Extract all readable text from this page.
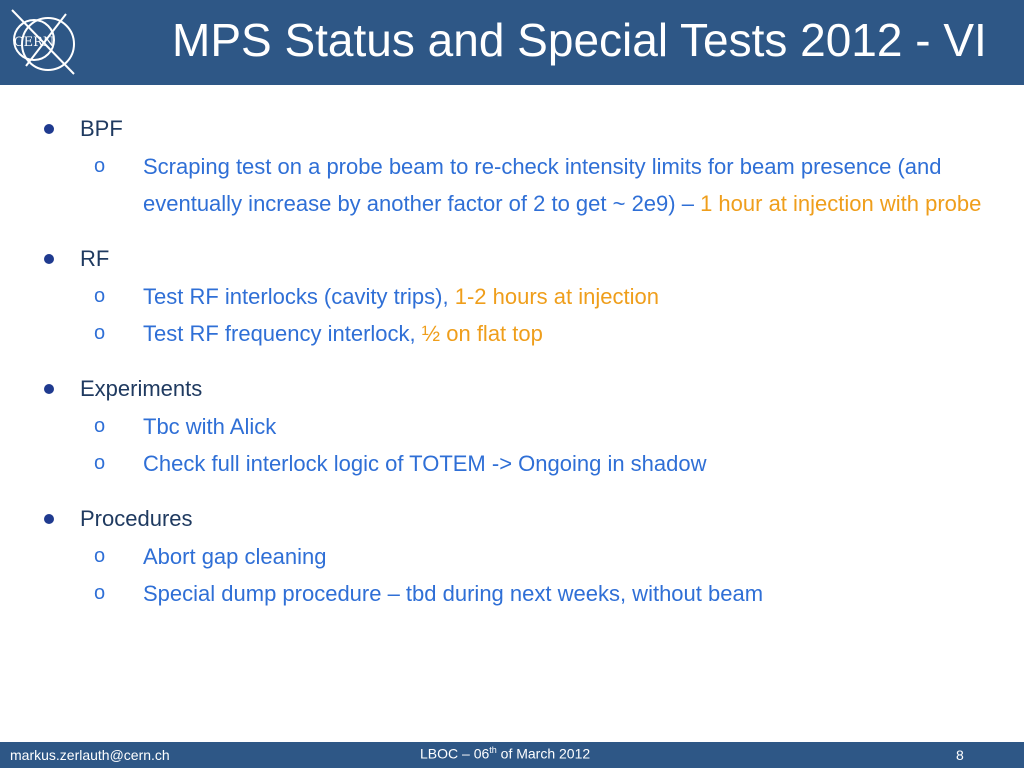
CERN	MPS Status and Special Tests 2012 - VI
BPF
o Scraping test on a probe beam to re-check intensity limits for beam presence (and eventually increase by another factor of 2 to get ~ 2e9) – 1 hour at injection with probe
RF
o Test RF interlocks (cavity trips), 1-2 hours at injection
o Test RF frequency interlock, ½ on flat top
Experiments
o Tbc with Alick
o Check full interlock logic of TOTEM -> Ongoing in shadow
Procedures
o Abort gap cleaning
o Special dump procedure – tbd during next weeks, without beam
markus.zerlauth@cern.ch	LBOC – 06th of March 2012	8
